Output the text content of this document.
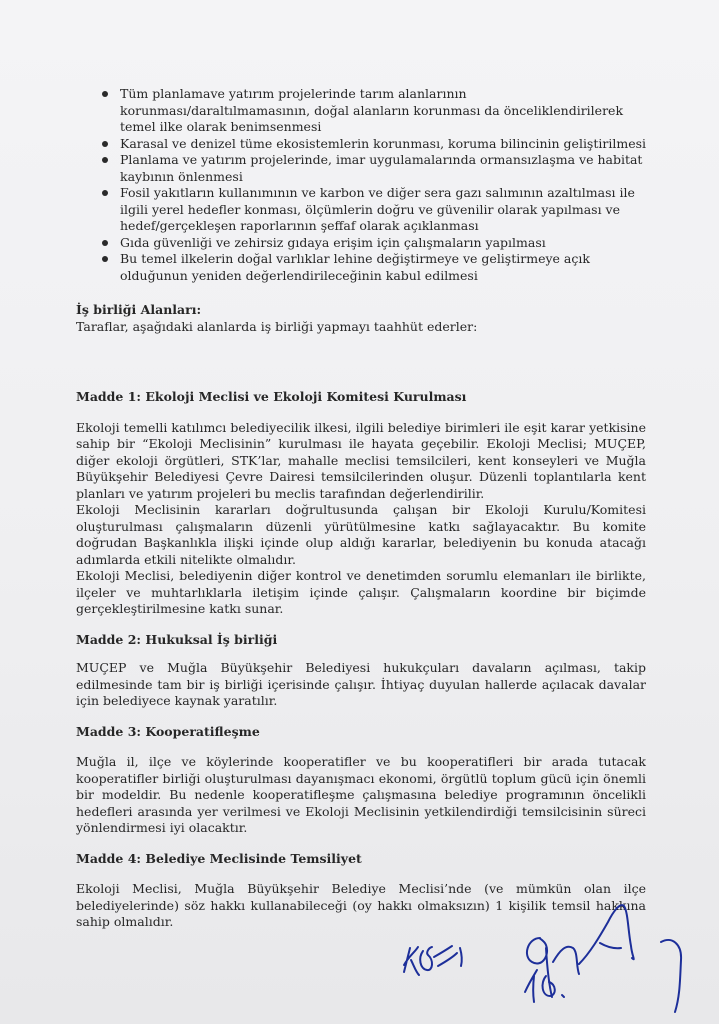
Tüm planlamave yatırım projelerinde tarım alanlarının korunması/daraltılmamasının, doğal alanların korunması da önceliklendirilerek temel ilke olarak benimsenmesi
Karasal ve denizel tüme ekosistemlerin korunması, koruma bilincinin geliştirilmesi
Planlama ve yatırım projelerinde, imar uygulamalarında ormansızlaşma ve habitat kaybının önlenmesi
Fosil yakıtların kullanımının ve karbon ve diğer sera gazı salımının azaltılması ile ilgili yerel hedefler konması, ölçümlerin doğru ve güvenilir olarak yapılması ve hedef/gerçekleşen raporlarının şeffaf olarak açıklanması
Gıda güvenliği ve zehirsiz gıdaya erişim için çalışmaların yapılması
Bu temel ilkelerin doğal varlıklar lehine değiştirmeye ve geliştirmeye açık olduğunun yeniden değerlendirileceğinin kabul edilmesi
İş birliği Alanları:

Taraflar, aşağıdaki alanlarda iş birliği yapmayı taahhüt ederler:

Madde 1: Ekoloji Meclisi ve Ekoloji Komitesi Kurulması

Ekoloji temelli katılımcı belediyecilik ilkesi, ilgili belediye birimleri ile eşit karar yetkisine sahip bir “Ekoloji Meclisinin” kurulması ile hayata geçebilir. Ekoloji Meclisi; MUÇEP, diğer ekoloji örgütleri, STK’lar, mahalle meclisi temsilcileri, kent konseyleri ve Muğla Büyükşehir Belediyesi Çevre Dairesi temsilcilerinden oluşur. Düzenli toplantılarla kent planları ve yatırım projeleri bu meclis tarafından değerlendirilir.

Ekoloji Meclisinin kararları doğrultusunda çalışan bir Ekoloji Kurulu/Komitesi oluşturulması çalışmaların düzenli yürütülmesine katkı sağlayacaktır. Bu komite doğrudan Başkanlıkla ilişki içinde olup aldığı kararlar, belediyenin bu konuda atacağı adımlarda etkili nitelikte olmalıdır.

Ekoloji Meclisi, belediyenin diğer kontrol ve denetimden sorumlu elemanları ile birlikte, ilçeler ve muhtarlıklarla iletişim içinde çalışır. Çalışmaların koordine bir biçimde gerçekleştirilmesine katkı sunar.

Madde 2: Hukuksal İş birliği

MUÇEP ve Muğla Büyükşehir Belediyesi hukukçuları davaların açılması, takip edilmesinde tam bir iş birliği içerisinde çalışır. İhtiyaç duyulan hallerde açılacak davalar için belediyece kaynak yaratılır.

Madde 3: Kooperatifleşme

Muğla il, ilçe ve köylerinde kooperatifler ve bu kooperatifleri bir arada tutacak kooperatifler birliği oluşturulması dayanışmacı ekonomi, örgütlü toplum gücü için önemli bir modeldir. Bu nedenle kooperatifleşme çalışmasına belediye programının öncelikli hedefleri arasında yer verilmesi ve Ekoloji Meclisinin yetkilendirdiği temsilcisinin süreci yönlendirmesi iyi olacaktır.

Madde 4: Belediye Meclisinde Temsiliyet

Ekoloji Meclisi, Muğla Büyükşehir Belediye Meclisi’nde (ve mümkün olan ilçe belediyelerinde) söz hakkı kullanabileceği (oy hakkı olmaksızın) 1 kişilik temsil hakkına sahip olmalıdır.
